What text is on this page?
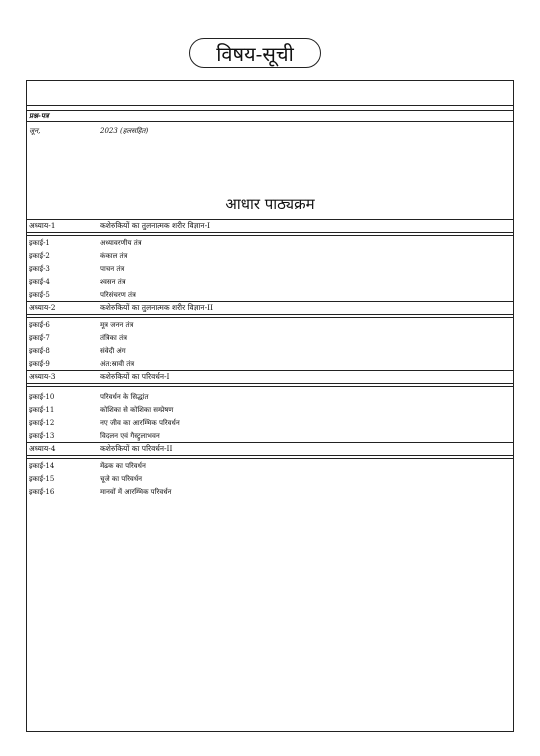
विषय-सूची
प्रश्न-पत्र
जून,	2023 (हलसहित)
आधार पाठ्यक्रम
अध्याय-1	कशेरुकियों का तुलनात्मक शरीर विज्ञान-I
इकाई-1	अध्यावरणीय तंत्र
इकाई-2	कंकाल तंत्र
इकाई-3	पाचन तंत्र
इकाई-4	श्वसन तंत्र
इकाई-5	परिसंचरण तंत्र
अध्याय-2	कशेरुकियों का तुलनात्मक शरीर विज्ञान-II
इकाई-6	मूत्र जनन तंत्र
इकाई-7	तंत्रिका तंत्र
इकाई-8	संवेदी अंग
इकाई-9	अंत:स्रावी तंत्र
अध्याय-3	कशेरुकियों का परिवर्धन-I
इकाई-10	परिवर्धन के सिद्धांत
इकाई-11	कोशिका से कोशिका सम्प्रेषण
इकाई-12	नए जीव का आरम्भिक परिवर्धन
इकाई-13	विदलन एवं गैस्ट्रुलाभवन
अध्याय-4	कशेरुकियों का परिवर्धन-II
इकाई-14	मेंढक का परिवर्धन
इकाई-15	चूजे का परिवर्धन
इकाई-16	मानवों में आरम्भिक परिवर्धन
